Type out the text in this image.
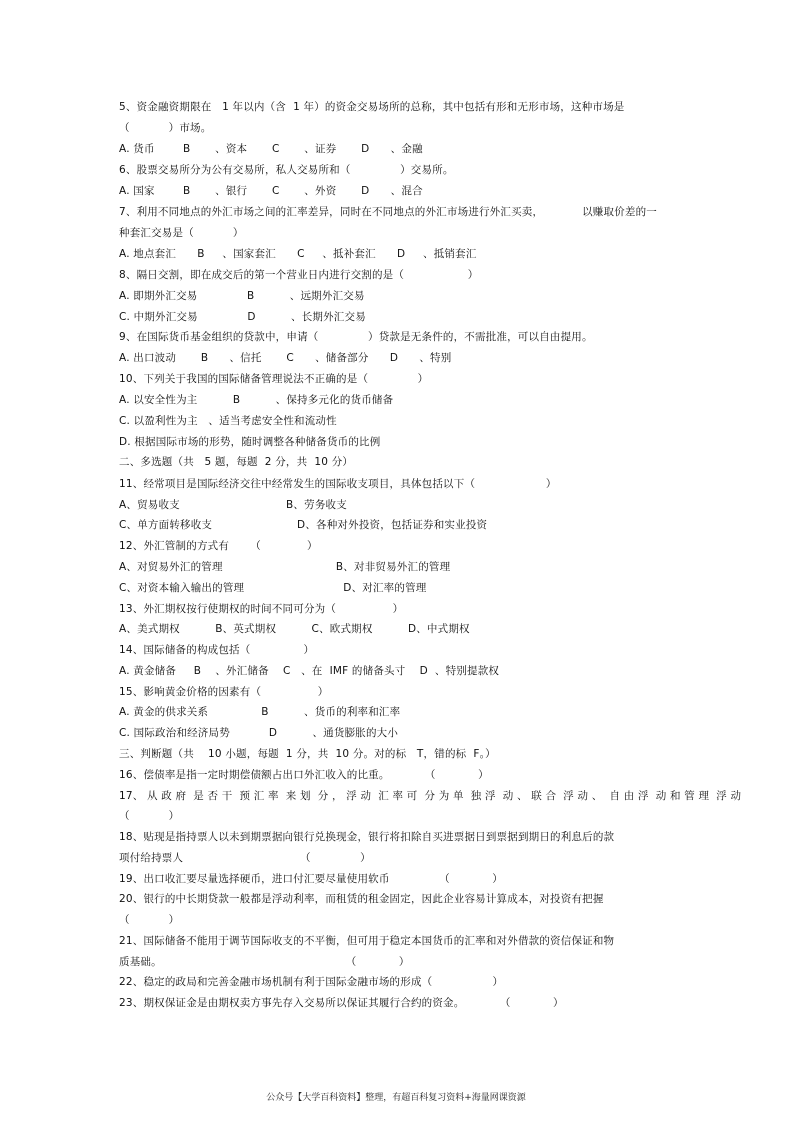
5、资金融资期限在   1 年以内（含  1 年）的资金交易场所的总称，其中包括有形和无形市场，这种市场是

（           ）市场。

A. 货币        B       、资本       C       、证券       D      、金融

6、股票交易所分为公有交易所，私人交易所和（              ）交易所。

A. 国家        B       、银行       C       、外资       D      、混合

7、利用不同地点的外汇市场之间的汇率差异，同时在不同地点的外汇市场进行外汇买卖，           以赚取价差的一

种套汇交易是（           ）

A. 地点套汇      B     、国家套汇      C     、抵补套汇      D     、抵销套汇

8、隔日交割，即在成交后的第一个营业日内进行交割的是（                  ）

A. 即期外汇交易              B          、远期外汇交易

C. 中期外汇交易              D          、长期外汇交易

9、在国际货币基金组织的贷款中，申请（              ）贷款是无条件的，不需批准，可以自由提用。

A. 出口波动       B      、信托       C      、储备部分      D      、特别

10、下列关于我国的国际储备管理说法不正确的是（              ）

A. 以安全性为主          B          、保持多元化的货币储备

C. 以盈利性为主   、适当考虑安全性和流动性

D. 根据国际市场的形势，随时调整各种储备货币的比例

二、多选题（共   5 题，每题  2 分，共  10 分）

11、经常项目是国际经济交往中经常发生的国际收支项目，具体包括以下（                    ）

A、贸易收支                              B、劳务收支

C、单方面转移收支                        D、各种对外投资，包括证券和实业投资

12、外汇管制的方式有      （             ）

A、对贸易外汇的管理                                B、对非贸易外汇的管理

C、对资本输入输出的管理                            D、对汇率的管理

13、外汇期权按行使期权的时间不同可分为（                ）

A、美式期权          B、英式期权          C、欧式期权          D、中式期权

14、国际储备的构成包括（               ）

A. 黄金储备     B    、外汇储备    C   、在  IMF 的储备头寸    D  、特别提款权

15、影响黄金价格的因素有（                ）

A. 黄金的供求关系               B          、货币的利率和汇率

C. 国际政治和经济局势           D          、通货膨胀的大小

三、判断题（共    10 小题，每题  1 分，共  10 分。对的标   T，错的标  F。）

16、偿债率是指一定时期偿债额占出口外汇收入的比重。          （            ）

17、 从 政 府  是 否 干  预 汇 率  来 划  分 ， 浮 动  汇 率 可  分 为 单  独 浮  动 、 联 合  浮 动 、  自 由 浮  动 和 管 理  浮 动

（           ）

18、贴现是指持票人以未到期票据向银行兑换现金，银行将扣除自买进票据日到票据到期日的利息后的款

项付给持票人                                 （              ）

19、出口收汇要尽量选择硬币，进口付汇要尽量使用软币              （            ）

20、银行的中长期贷款一般都是浮动利率，而租赁的租金固定，因此企业容易计算成本，对投资有把握

（           ）

21、国际储备不能用于调节国际收支的不平衡，但可用于稳定本国货币的汇率和对外借款的资信保证和物

质基础。                                                    （            ）

22、稳定的政局和完善金融市场机制有利于国际金融市场的形成（                 ）

23、期权保证金是由期权卖方事先存入交易所以保证其履行合约的资金。          （            ）

公众号【大学百科资料】整理，有超百科复习资料+海量网课资源
